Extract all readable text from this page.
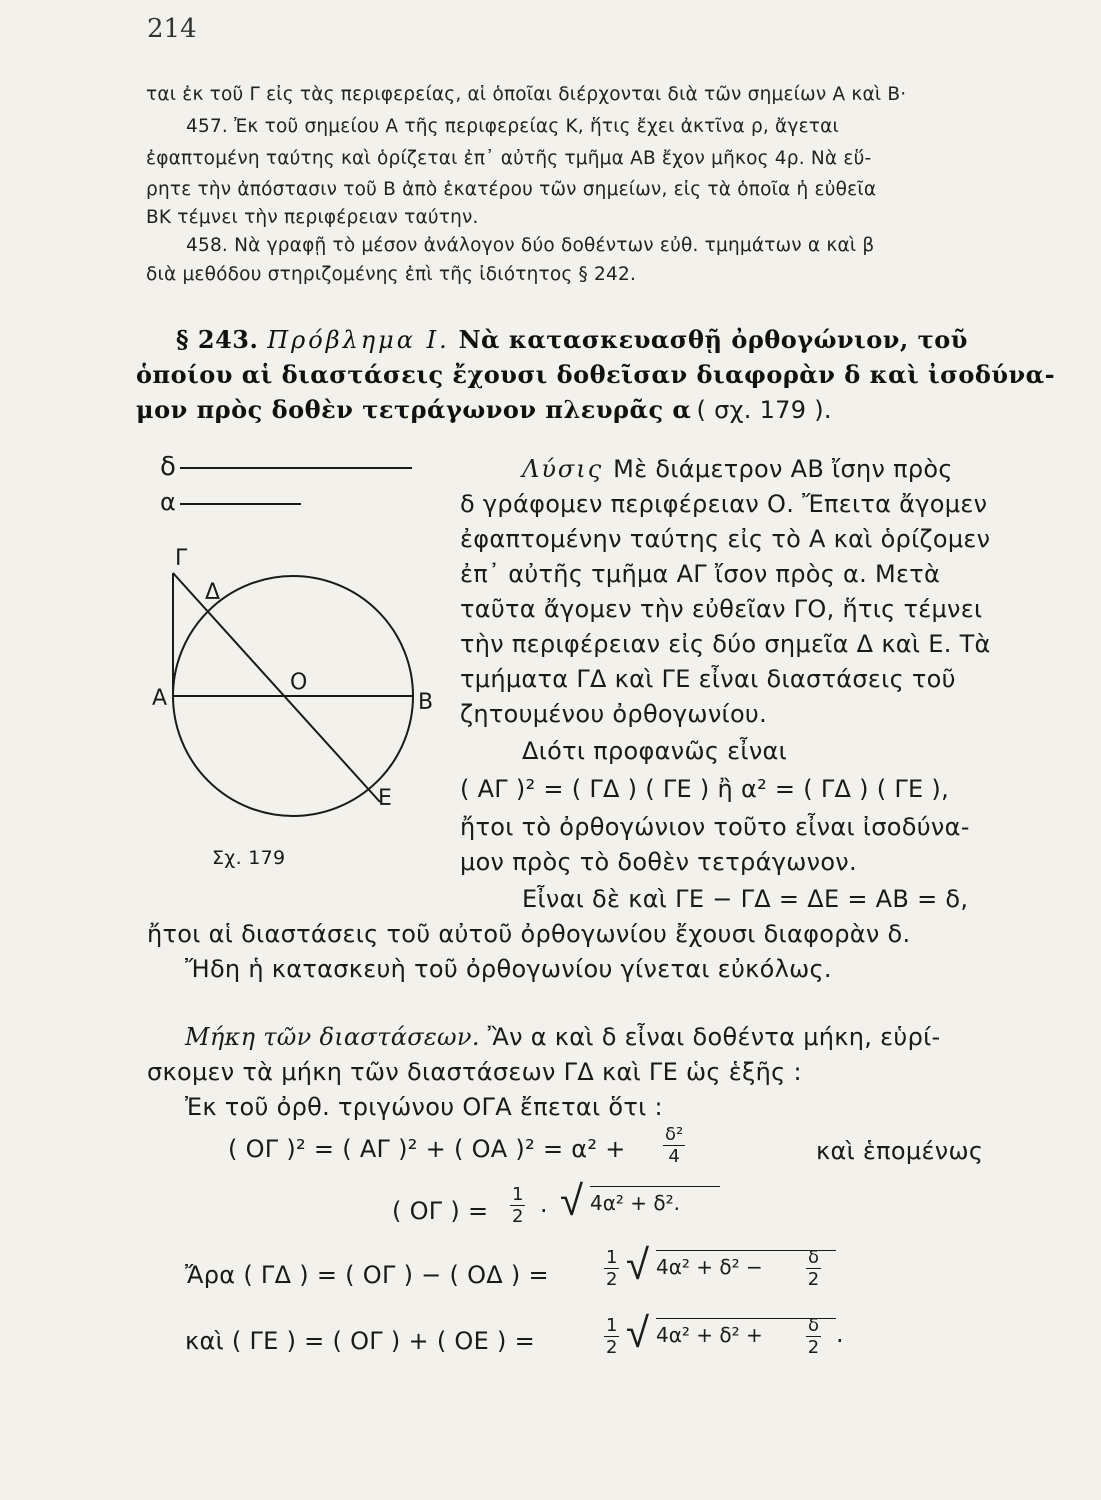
214
ται ἐκ τοῦ Γ εἰς τὰς περιφερείας, αἱ ὁποῖαι διέρχονται διὰ τῶν σημείων Α καὶ Β·
457. Ἐκ τοῦ σημείου Α τῆς περιφερείας Κ, ἥτις ἔχει ἀκτῖνα ρ, ἄγεται
ἐφαπτομένη ταύτης καὶ ὁρίζεται ἐπ᾽ αὐτῆς τμῆμα ΑΒ ἔχον μῆκος 4ρ. Νὰ εὕ-
ρητε τὴν ἀπόστασιν τοῦ Β ἀπὸ ἑκατέρου τῶν σημείων, εἰς τὰ ὁποῖα ἡ εὐθεῖα
ΒΚ τέμνει τὴν περιφέρειαν ταύτην.
458. Νὰ γραφῇ τὸ μέσον ἀνάλογον δύο δοθέντων εὐθ. τμημάτων α καὶ β
διὰ μεθόδου στηριζομένης ἐπὶ τῆς ἰδιότητος § 242.
§ 243. Πρόβλημα Ι. Νὰ κατασκευασθῇ ὀρθογώνιον, τοῦ
ὁποίου αἱ διαστάσεις ἔχουσι δοθεῖσαν διαφορὰν δ καὶ ἰσοδύνα-
μον πρὸς δοθὲν τετράγωνον πλευρᾶς α ( σχ. 179 ).
δ
α
Γ
Δ
Α
Ο
Β
Ε
Σχ. 179
Λύσις Μὲ διάμετρον ΑΒ ἴσην πρὸς
δ γράφομεν περιφέρειαν Ο. Ἔπειτα ἄγομεν
ἐφαπτομένην ταύτης εἰς τὸ Α καὶ ὁρίζομεν
ἐπ᾽ αὐτῆς τμῆμα ΑΓ ἴσον πρὸς α. Μετὰ
ταῦτα ἄγομεν τὴν εὐθεῖαν ΓΟ, ἥτις τέμνει
τὴν περιφέρειαν εἰς δύο σημεῖα Δ καὶ Ε. Τὰ
τμήματα ΓΔ καὶ ΓΕ εἶναι διαστάσεις τοῦ
ζητουμένου ὀρθογωνίου.
Διότι προφανῶς εἶναι
( ΑΓ )² = ( ΓΔ ) ( ΓΕ ) ἢ α² = ( ΓΔ ) ( ΓΕ ),
ἤτοι τὸ ὀρθογώνιον τοῦτο εἶναι ἰσοδύνα-
μον πρὸς τὸ δοθὲν τετράγωνον.
Εἶναι δὲ καὶ ΓΕ − ΓΔ = ΔΕ = ΑΒ = δ,
ἤτοι αἱ διαστάσεις τοῦ αὐτοῦ ὀρθογωνίου ἔχουσι διαφορὰν δ.
Ἤδη ἡ κατασκευὴ τοῦ ὀρθογωνίου γίνεται εὐκόλως.
Μήκη τῶν διαστάσεων. Ἂν α καὶ δ εἶναι δοθέντα μήκη, εὑρί-
σκομεν τὰ μήκη τῶν διαστάσεων ΓΔ καὶ ΓΕ ὡς ἑξῆς :
Ἐκ τοῦ ὀρθ. τριγώνου ΟΓΑ ἔπεται ὅτι :
( ΟΓ )² = ( ΑΓ )² + ( ΟΑ )$^2 = \alpha^2 + \frac{\text{δ²}}{4}$	καὶ ἑπομένως
( ΟΓ ) = $\frac{1}{2}$ · √ 4α² + δ².
Ἄρα ( ΓΔ ) = ( ΟΓ ) − ( ΟΔ ) =	$\frac{1}{2}$ √ 4α² + δ² −	$\frac{\delta}{2}$
καὶ ( ΓΕ ) = ( ΟΓ ) + ( ΟΕ ) =	$\frac{1}{2}$ √ 4α² + δ² +	$\frac{\delta}{2}$ ·
